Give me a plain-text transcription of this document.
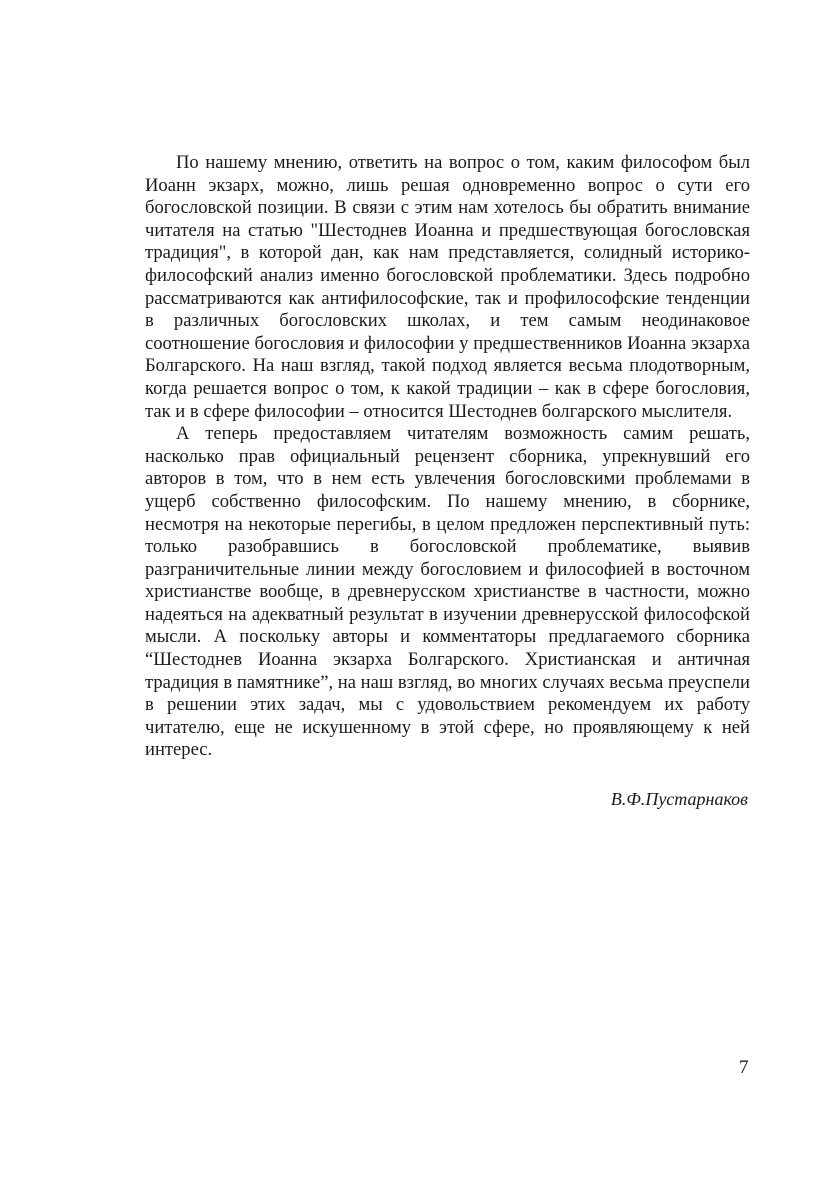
По нашему мнению, ответить на вопрос о том, каким философом был Иоанн экзарх, можно, лишь решая одновременно вопрос о сути его богословской позиции. В связи с этим нам хотелось бы обратить внимание читателя на статью "Шестоднев Иоанна и предшествующая богословская традиция", в которой дан, как нам представляется, солидный историко-философский анализ именно богословской проблематики. Здесь подробно рассматриваются как антифилософские, так и профилософские тенденции в различных богословских школах, и тем самым неодинаковое соотношение богословия и философии у предшественников Иоанна экзарха Болгарского. На наш взгляд, такой подход является весьма плодотворным, когда решается вопрос о том, к какой традиции – как в сфере богословия, так и в сфере философии – относится Шестоднев болгарского мыслителя.

А теперь предоставляем читателям возможность самим решать, насколько прав официальный рецензент сборника, упрекнувший его авторов в том, что в нем есть увлечения богословскими проблемами в ущерб собственно философским. По нашему мнению, в сборнике, несмотря на некоторые перегибы, в целом предложен перспективный путь: только разобравшись в богословской проблематике, выявив разграничительные линии между богословием и философией в восточном христианстве вообще, в древнерусском христианстве в частности, можно надеяться на адекватный результат в изучении древнерусской философской мысли. А поскольку авторы и комментаторы предлагаемого сборника “Шестоднев Иоанна экзарха Болгарского. Христианская и античная традиция в памятнике”, на наш взгляд, во многих случаях весьма преуспели в решении этих задач, мы с удовольствием рекомендуем их работу читателю, еще не искушенному в этой сфере, но проявляющему к ней интерес.

В.Ф.Пустарнаков

7
